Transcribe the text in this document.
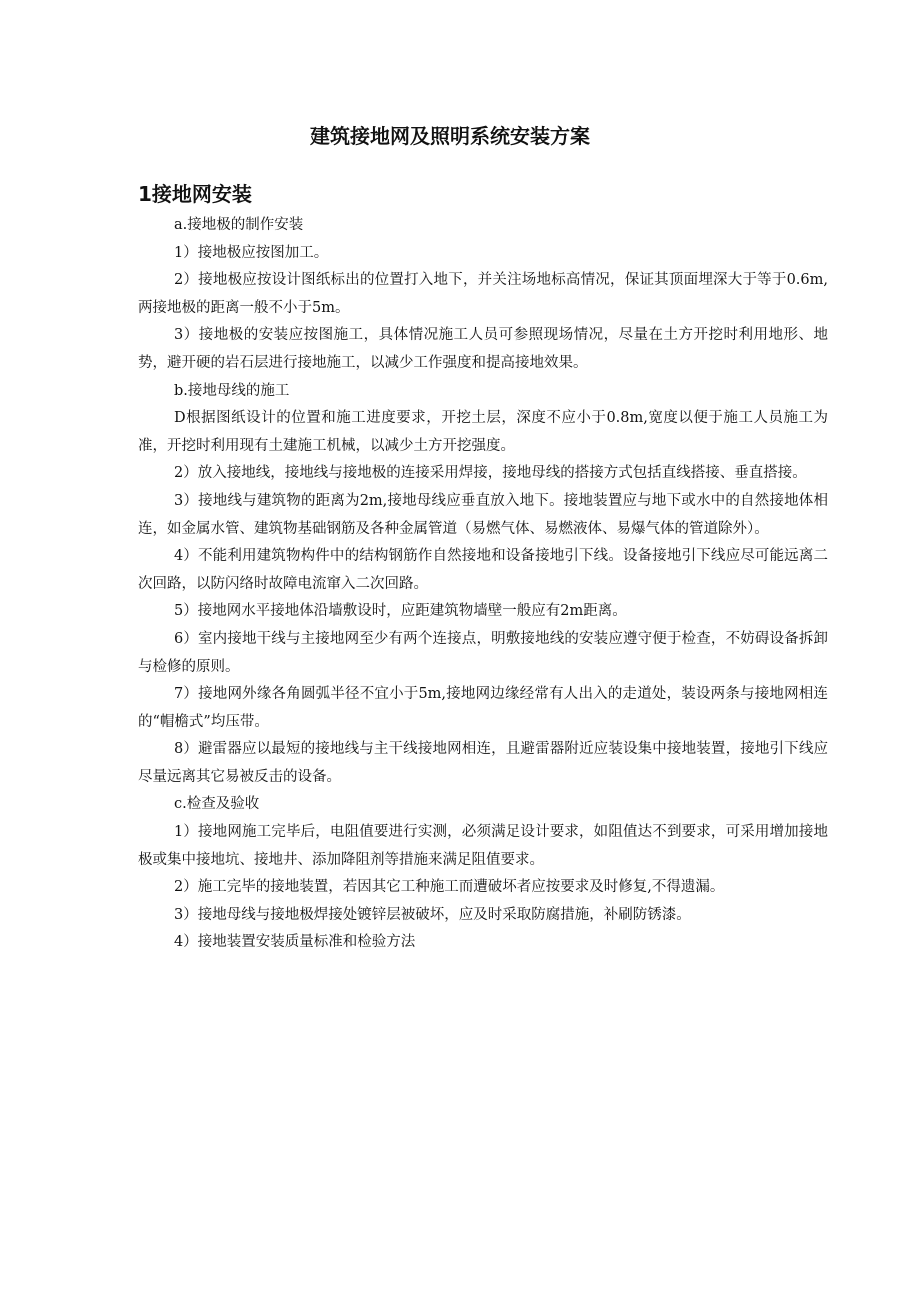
建筑接地网及照明系统安装方案
1接地网安装

a.接地极的制作安装

1）接地极应按图加工。

2）接地极应按设计图纸标出的位置打入地下，并关注场地标高情况，保证其顶面埋深大于等于0.6m,两接地极的距离一般不小于5m。

3）接地极的安装应按图施工，具体情况施工人员可参照现场情况，尽量在土方开挖时利用地形、地势，避开硬的岩石层进行接地施工，以减少工作强度和提高接地效果。

b.接地母线的施工

D根据图纸设计的位置和施工进度要求，开挖土层，深度不应小于0.8m,宽度以便于施工人员施工为准，开挖时利用现有土建施工机械，以减少土方开挖强度。

2）放入接地线，接地线与接地极的连接采用焊接，接地母线的搭接方式包括直线搭接、垂直搭接。

3）接地线与建筑物的距离为2m,接地母线应垂直放入地下。接地装置应与地下或水中的自然接地体相连，如金属水管、建筑物基础钢筋及各种金属管道（易燃气体、易燃液体、易爆气体的管道除外）。

4）不能利用建筑物构件中的结构钢筋作自然接地和设备接地引下线。设备接地引下线应尽可能远离二次回路，以防闪络时故障电流窜入二次回路。

5）接地网水平接地体沿墙敷设时，应距建筑物墙壁一般应有2m距离。

6）室内接地干线与主接地网至少有两个连接点，明敷接地线的安装应遵守便于检查，不妨碍设备拆卸与检修的原则。

7）接地网外缘各角圆弧半径不宜小于5m,接地网边缘经常有人出入的走道处，装设两条与接地网相连的“帽檐式”均压带。

8）避雷器应以最短的接地线与主干线接地网相连，且避雷器附近应装设集中接地装置，接地引下线应尽量远离其它易被反击的设备。

c.检查及验收

1）接地网施工完毕后，电阻值要进行实测，必须满足设计要求，如阻值达不到要求，可采用增加接地极或集中接地坑、接地井、添加降阻剂等措施来满足阻值要求。

2）施工完毕的接地装置，若因其它工种施工而遭破坏者应按要求及时修复,不得遗漏。

3）接地母线与接地极焊接处镀锌层被破坏，应及时采取防腐措施，补刷防锈漆。

4）接地装置安装质量标准和检验方法
